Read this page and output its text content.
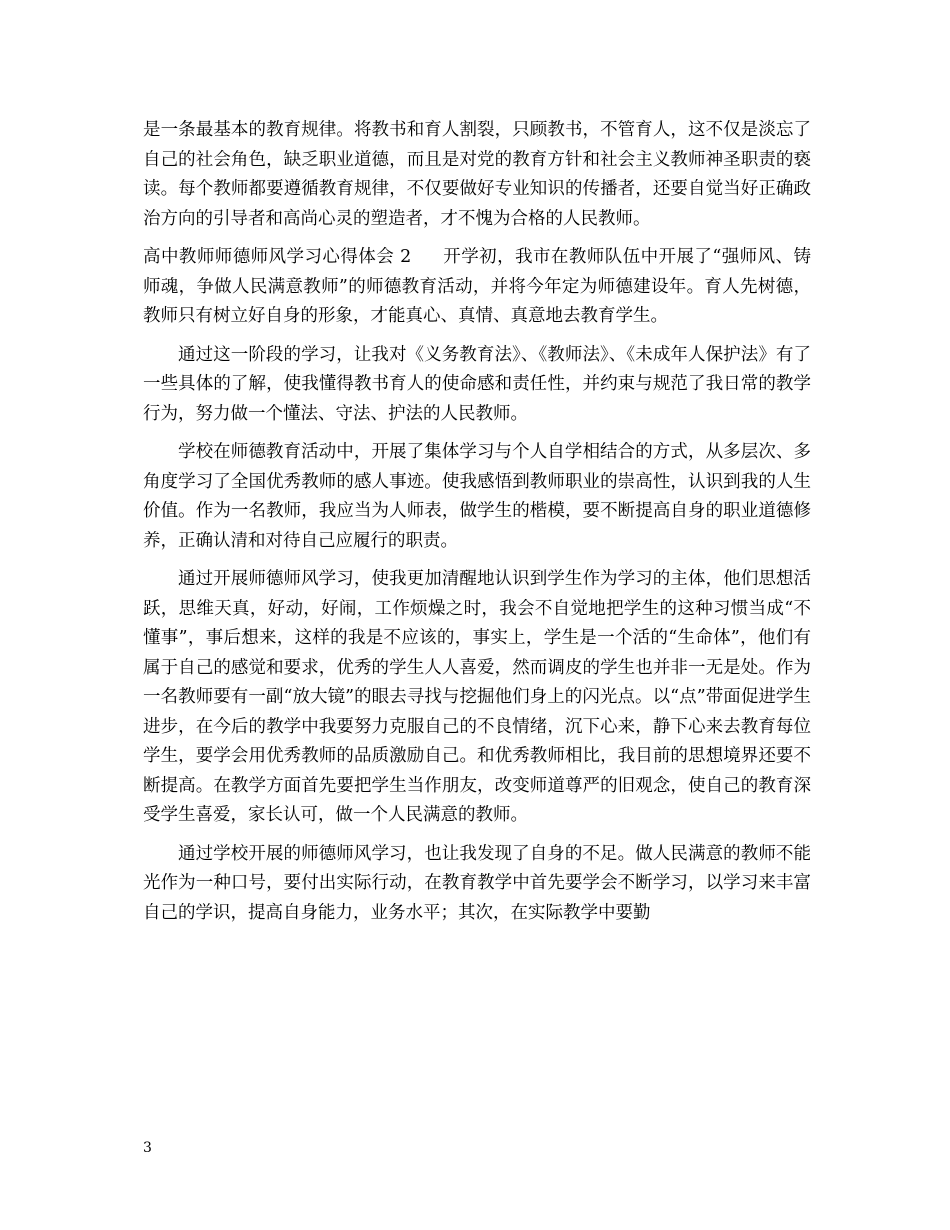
是一条最基本的教育规律。将教书和育人割裂，只顾教书，不管育人，这不仅是淡忘了自己的社会角色，缺乏职业道德，而且是对党的教育方针和社会主义教师神圣职责的亵读。每个教师都要遵循教育规律，不仅要做好专业知识的传播者，还要自觉当好正确政治方向的引导者和高尚心灵的塑造者，才不愧为合格的人民教师。

高中教师师德师风学习心得体会 2 开学初，我市在教师队伍中开展了“强师风、铸师魂，争做人民满意教师”的师德教育活动，并将今年定为师德建设年。育人先树德，教师只有树立好自身的形象，才能真心、真情、真意地去教育学生。

通过这一阶段的学习，让我对《义务教育法》、《教师法》、《未成年人保护法》有了一些具体的了解，使我懂得教书育人的使命感和责任性，并约束与规范了我日常的教学行为，努力做一个懂法、守法、护法的人民教师。

学校在师德教育活动中，开展了集体学习与个人自学相结合的方式，从多层次、多角度学习了全国优秀教师的感人事迹。使我感悟到教师职业的崇高性，认识到我的人生价值。作为一名教师，我应当为人师表，做学生的楷模，要不断提高自身的职业道德修养，正确认清和对待自己应履行的职责。

通过开展师德师风学习，使我更加清醒地认识到学生作为学习的主体，他们思想活跃，思维天真，好动，好闹，工作烦燥之时，我会不自觉地把学生的这种习惯当成“不懂事”，事后想来，这样的我是不应该的，事实上，学生是一个活的“生命体”，他们有属于自己的感觉和要求，优秀的学生人人喜爱，然而调皮的学生也并非一无是处。作为一名教师要有一副“放大镜”的眼去寻找与挖掘他们身上的闪光点。以“点”带面促进学生进步，在今后的教学中我要努力克服自己的不良情绪，沉下心来，静下心来去教育每位学生，要学会用优秀教师的品质激励自己。和优秀教师相比，我目前的思想境界还要不断提高。在教学方面首先要把学生当作朋友，改变师道尊严的旧观念，使自己的教育深受学生喜爱，家长认可，做一个人民满意的教师。

通过学校开展的师德师风学习，也让我发现了自身的不足。做人民满意的教师不能光作为一种口号，要付出实际行动，在教育教学中首先要学会不断学习，以学习来丰富自己的学识，提高自身能力，业务水平；其次，在实际教学中要勤

3
